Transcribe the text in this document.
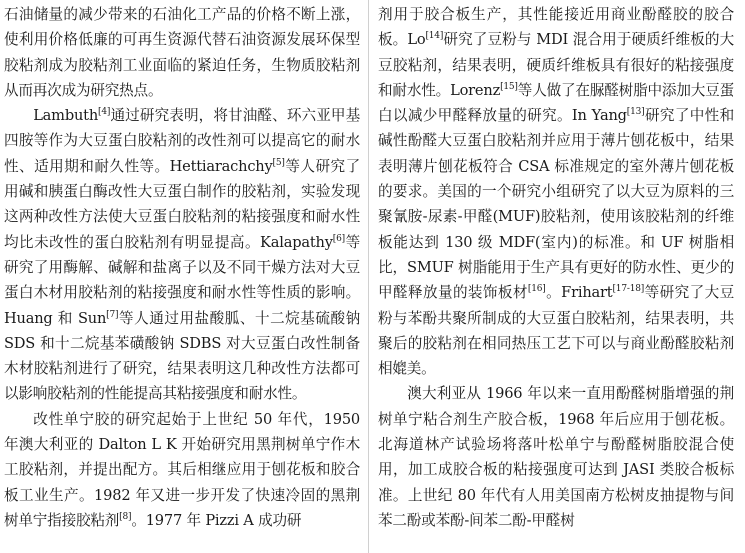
石油储量的减少带来的石油化工产品的价格不断上涨，使利用价格低廉的可再生资源代替石油资源发展环保型胶粘剂成为胶粘剂工业面临的紧迫任务，生物质胶粘剂从而再次成为研究热点。

Lambuth[4]通过研究表明，将甘油醛、环六亚甲基四胺等作为大豆蛋白胶粘剂的改性剂可以提高它的耐水性、适用期和耐久性等。Hettiarachchy[5]等人研究了用碱和胰蛋白酶改性大豆蛋白制作的胶粘剂，实验发现这两种改性方法使大豆蛋白胶粘剂的粘接强度和耐水性均比未改性的蛋白胶粘剂有明显提高。Kalapathy[6]等研究了用酶解、碱解和盐离子以及不同干燥方法对大豆蛋白木材用胶粘剂的粘接强度和耐水性等性质的影响。Huang 和 Sun[7]等人通过用盐酸胍、十二烷基硫酸钠 SDS 和十二烷基苯磺酸钠 SDBS 对大豆蛋白改性制备木材胶粘剂进行了研究，结果表明这几种改性方法都可以影响胶粘剂的性能提高其粘接强度和耐水性。

改性单宁胶的研究起始于上世纪 50 年代，1950 年澳大利亚的 Dalton L K 开始研究用黑荆树单宁作木工胶粘剂，并提出配方。其后相继应用于刨花板和胶合板工业生产。1982 年又进一步开发了快速冷固的黑荆树单宁指接胶粘剂[8]。1977 年 Pizzi A 成功研

剂用于胶合板生产，其性能接近用商业酚醛胶的胶合板。Lo[14]研究了豆粉与 MDI 混合用于硬质纤维板的大豆胶粘剂，结果表明，硬质纤维板具有很好的粘接强度和耐水性。Lorenz[15]等人做了在脲醛树脂中添加大豆蛋白以减少甲醛释放量的研究。In Yang[13]研究了中性和碱性酚醛大豆蛋白胶粘剂并应用于薄片刨花板中，结果表明薄片刨花板符合 CSA 标准规定的室外薄片刨花板的要求。美国的一个研究小组研究了以大豆为原料的三聚氰胺-尿素-甲醛(MUF)胶粘剂，使用该胶粘剂的纤维板能达到 130 级 MDF(室内)的标准。和 UF 树脂相比，SMUF 树脂能用于生产具有更好的防水性、更少的甲醛释放量的装饰板材[16]。Frihart[17-18]等研究了大豆粉与苯酚共聚所制成的大豆蛋白胶粘剂，结果表明，共聚后的胶粘剂在相同热压工艺下可以与商业酚醛胶粘剂相媲美。

澳大利亚从 1966 年以来一直用酚醛树脂增强的荆树单宁粘合剂生产胶合板，1968 年后应用于刨花板。北海道林产试验场将落叶松单宁与酚醛树脂胶混合使用，加工成胶合板的粘接强度可达到 JASI 类胶合板标准。上世纪 80 年代有人用美国南方松树皮抽提物与间苯二酚或苯酚-间苯二酚-甲醛树
